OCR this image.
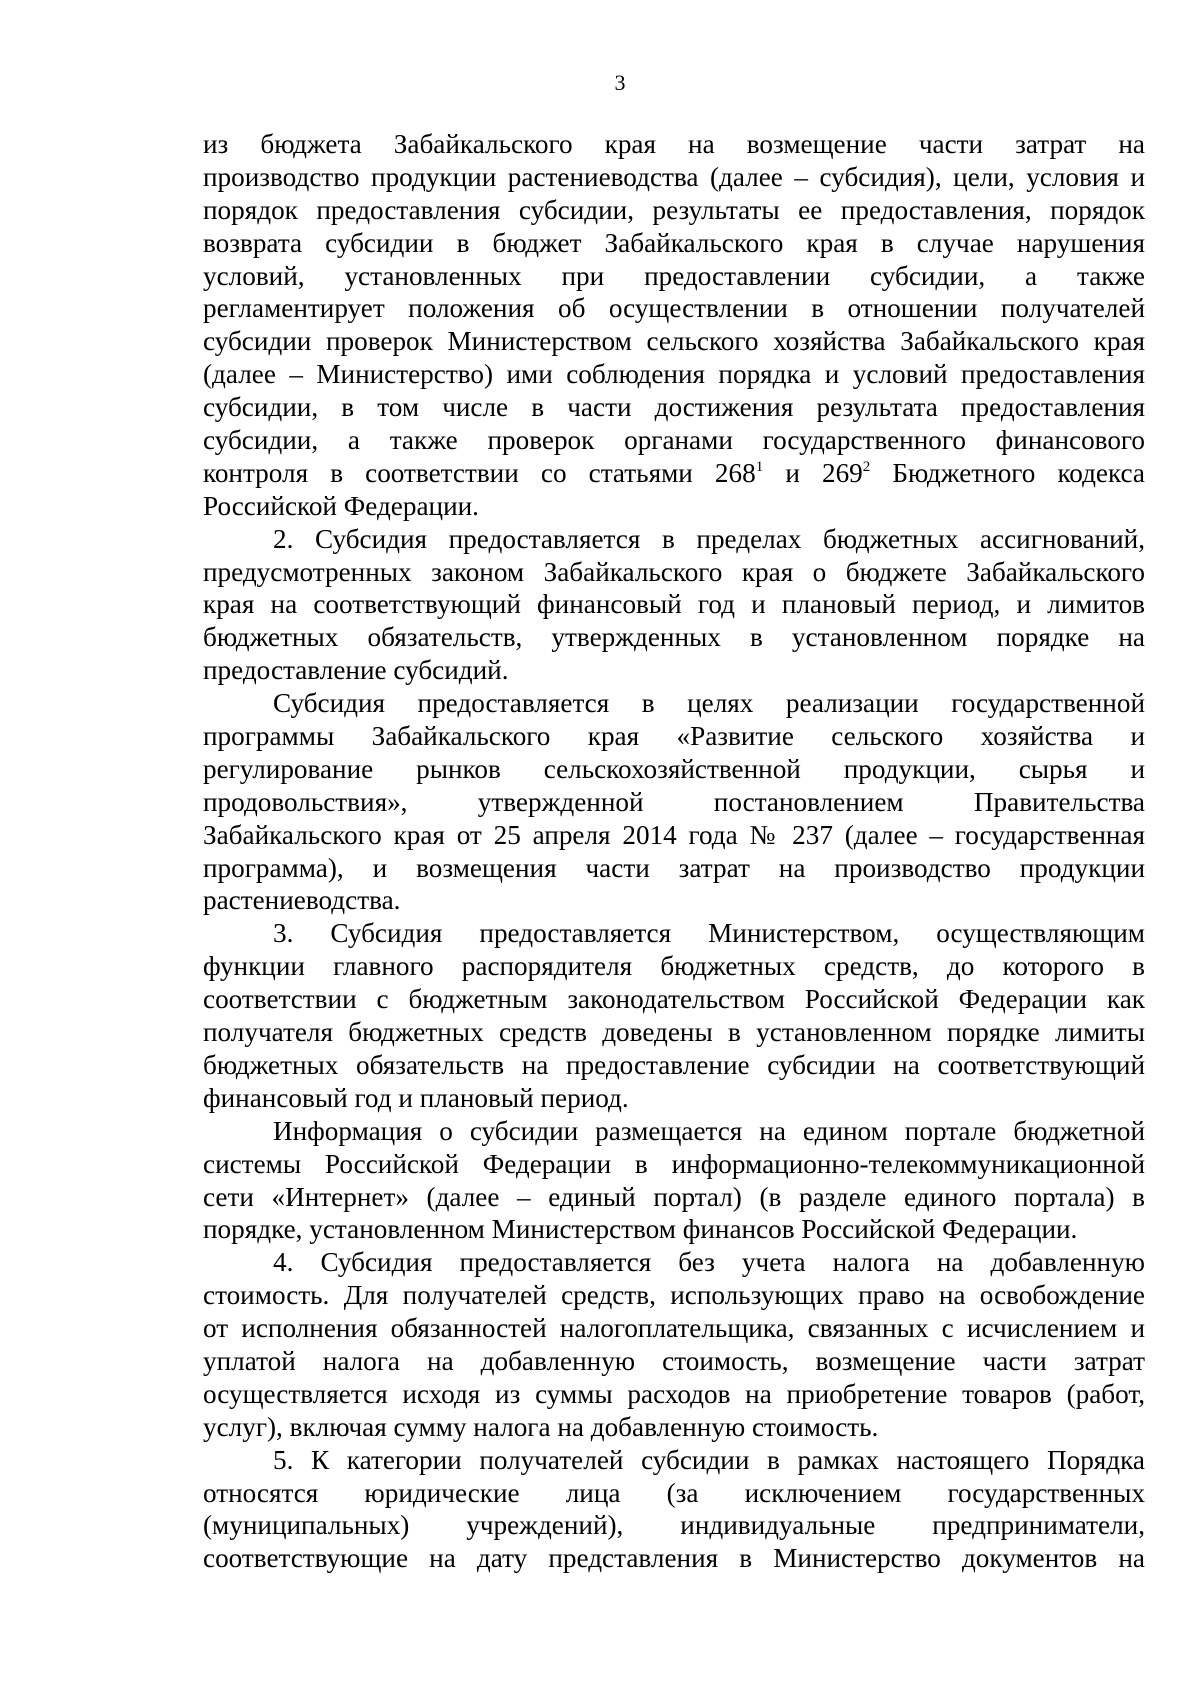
3
из бюджета Забайкальского края на возмещение части затрат на
производство продукции растениеводства (далее – субсидия), цели, условия и
порядок предоставления субсидии, результаты ее предоставления, порядок
возврата субсидии в бюджет Забайкальского края в случае нарушения
условий, установленных при предоставлении субсидии, а также
регламентирует положения об осуществлении в отношении получателей
субсидии проверок Министерством сельского хозяйства Забайкальского края
(далее – Министерство) ими соблюдения порядка и условий предоставления
субсидии, в том числе в части достижения результата предоставления
субсидии, а также проверок органами государственного финансового
контроля в соответствии со статьями $268^1$ и $269^2$ Бюджетного кодекса
Российской Федерации.
2. Субсидия предоставляется в пределах бюджетных ассигнований,
предусмотренных законом Забайкальского края о бюджете Забайкальского
края на соответствующий финансовый год и плановый период, и лимитов
бюджетных обязательств, утвержденных в установленном порядке на
предоставление субсидий.
Субсидия предоставляется в целях реализации государственной
программы Забайкальского края «Развитие сельского хозяйства и
регулирование рынков сельскохозяйственной продукции, сырья и
продовольствия», утвержденной постановлением Правительства
Забайкальского края от 25 апреля 2014 года № 237 (далее – государственная
программа), и возмещения части затрат на производство продукции
растениеводства.
3. Субсидия предоставляется Министерством, осуществляющим
функции главного распорядителя бюджетных средств, до которого в
соответствии с бюджетным законодательством Российской Федерации как
получателя бюджетных средств доведены в установленном порядке лимиты
бюджетных обязательств на предоставление субсидии на соответствующий
финансовый год и плановый период.
Информация о субсидии размещается на едином портале бюджетной
системы Российской Федерации в информационно-телекоммуникационной
сети «Интернет» (далее – единый портал) (в разделе единого портала) в
порядке, установленном Министерством финансов Российской Федерации.
4. Субсидия предоставляется без учета налога на добавленную
стоимость. Для получателей средств, использующих право на освобождение
от исполнения обязанностей налогоплательщика, связанных с исчислением и
уплатой налога на добавленную стоимость, возмещение части затрат
осуществляется исходя из суммы расходов на приобретение товаров (работ,
услуг), включая сумму налога на добавленную стоимость.
5. К категории получателей субсидии в рамках настоящего Порядка
относятся юридические лица (за исключением государственных
(муниципальных) учреждений), индивидуальные предприниматели,
соответствующие на дату представления в Министерство документов на
